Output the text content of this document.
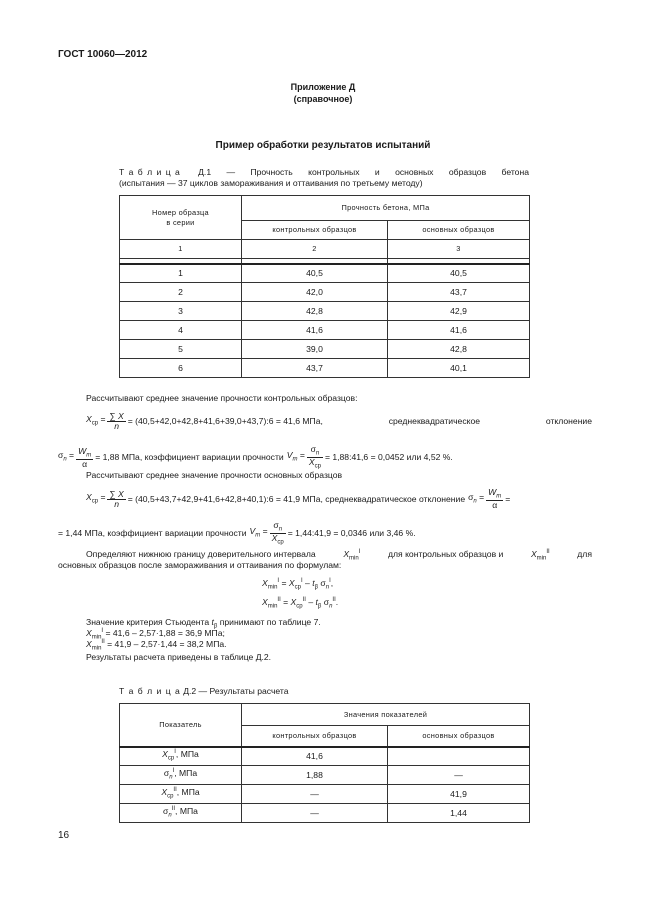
ГОСТ 10060—2012
Приложение Д
(справочное)
Пример обработки результатов испытаний
Т а б л и ц а Д.1 — Прочность контрольных и основных образцов бетона
(испытания — 37 циклов замораживания и оттаивания по третьему методу)
Номер образца
в серии	Прочность бетона, МПа	
	контрольных образцов	основных образцов
1	2	3

1	40,5	40,5
2	42,0	43,7
3	42,8	42,9
4	41,6	41,6
5	39,0	42,8
6	43,7	40,1
Рассчитывают среднее значение прочности контрольных образцов:
$X_{ср} = \frac{\sum X}{n}$ = (40,5+42,0+42,8+41,6+39,0+43,7):6 = 41,6 МПа,	среднеквадратическое	отклонение
$\sigma_n = \frac{W_m}{\alpha} = 1,88$ МПа, коэффициент вариации прочности $V_m = \frac{\sigma_n}{X_{ср}}$ = 1,88:41,6 = 0,0452 или 4,52 %.
Рассчитывают среднее значение прочности основных образцов
$X_{ср} = \frac{\sum X}{n}$ = (40,5+43,7+42,9+41,6+42,8+40,1):6 = 41,9 МПа, среднеквадратическое отклонение $\sigma_n = \frac{W_m}{\alpha}$ =
= 1,44 МПа, коэффициент вариации прочности $V_m = \frac{\sigma_n}{X_{ср}}$ = 1,44:41,9 = 0,0346 или 3,46 %.
Определяют нижнюю границу доверительного интервала	$X_{min}^I$	для контрольных образцов и	$X_{min}^{II}$	для
основных образцов после замораживания и оттаивания по формулам:
$X_{min}^I = X_{ср}^I - t_\beta$ $\sigma_n^I$,
$X_{min}^{II} = X_{ср}^{II} - t_\beta$ $\sigma_n^{II}$.
Значение критерия Стьюдента $t_\beta$ принимают по таблице 7.
$X_{min}^I = 41,6 - 2,57\cdot 1,88 = 36,9$ МПа;
$X_{min}^{II} = 41,9 - 2,57\cdot 1,44 = 38,2$ МПа.
Результаты расчета приведены в таблице Д.2.
Т а б л и ц а Д.2 — Результаты расчета
Показатель	Значения показателей	
	контрольных образцов	основных образцов
$X_{ср}^I$, МПа	41,6	
$\sigma_n^I$, МПа	1,88	—
$X_{ср}^{II}$, МПа	—	41,9
$\sigma_n^{II}$, МПа	—	1,44
16
